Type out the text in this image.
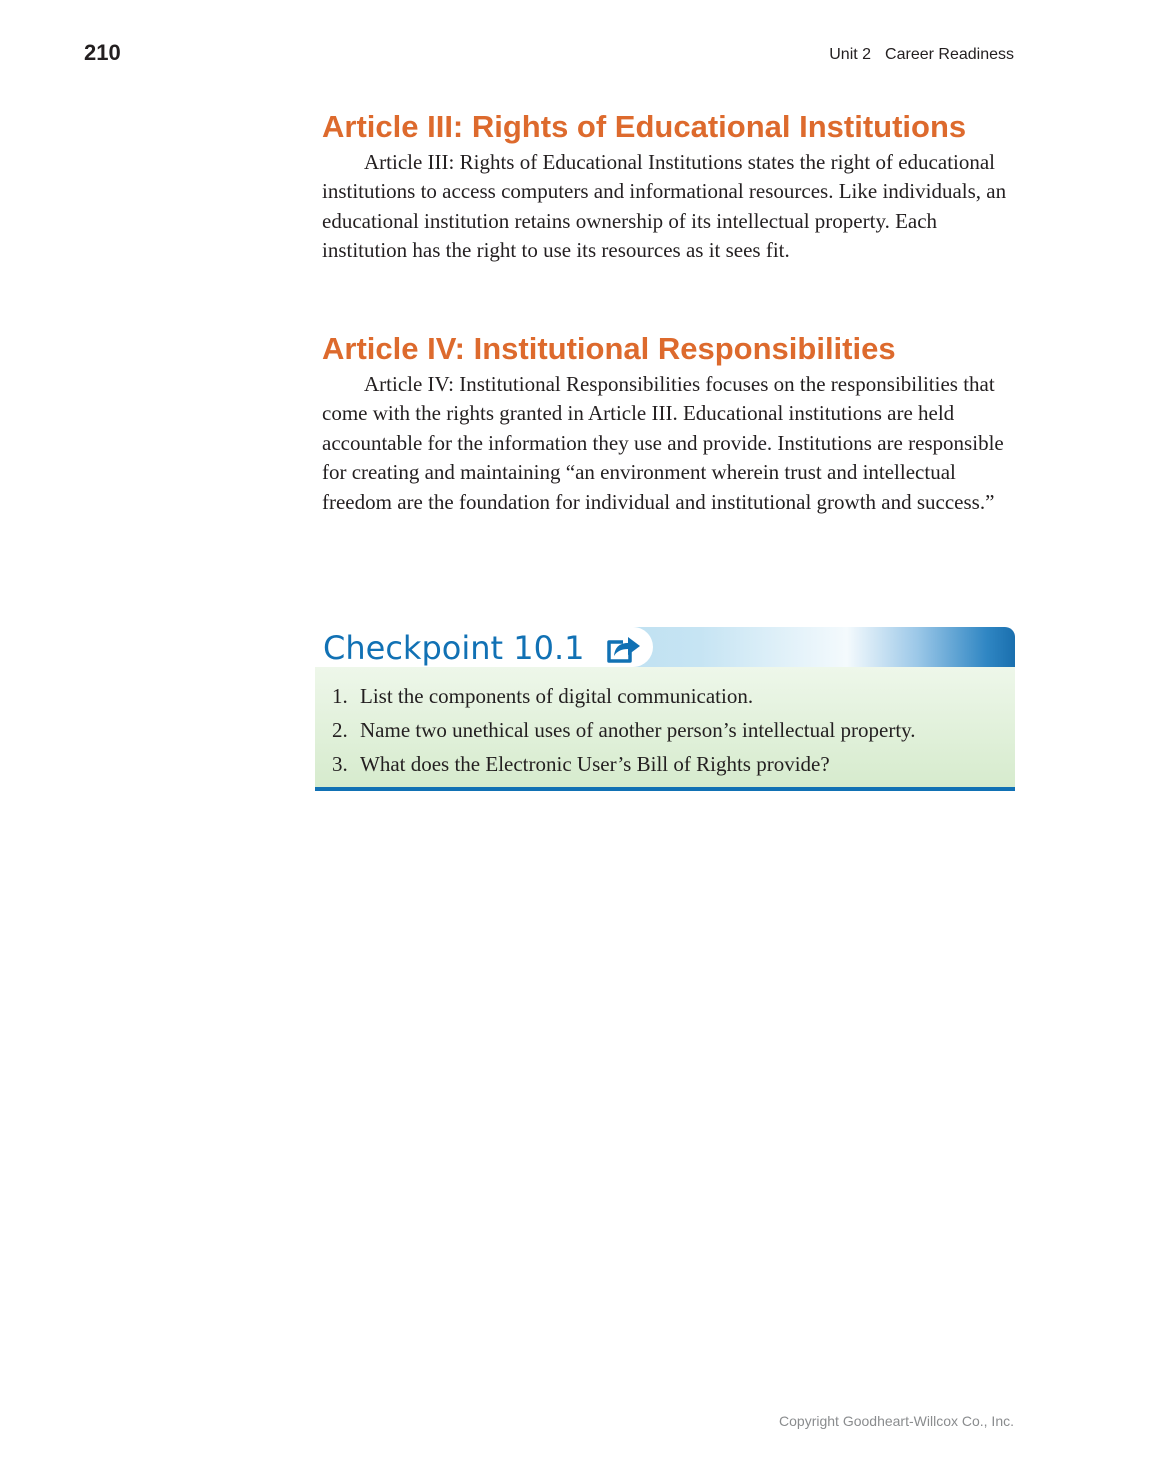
210	Unit 2 Career Readiness
Article III: Rights of Educational Institutions

Article III: Rights of Educational Institutions states the right of educational institutions to access computers and informational resources. Like individuals, an educational institution retains ownership of its intellectual property. Each institution has the right to use its resources as it sees fit.

Article IV: Institutional Responsibilities

Article IV: Institutional Responsibilities focuses on the responsibilities that come with the rights granted in Article III. Educational institutions are held accountable for the information they use and provide. Institutions are responsible for creating and maintaining “an environment wherein trust and intellectual freedom are the foundation for individual and institutional growth and success.”

Checkpoint 10.1
1. List the components of digital communication.
2. Name two unethical uses of another person’s intellectual property.
3. What does the Electronic User’s Bill of Rights provide?
Copyright Goodheart-Willcox Co., Inc.
